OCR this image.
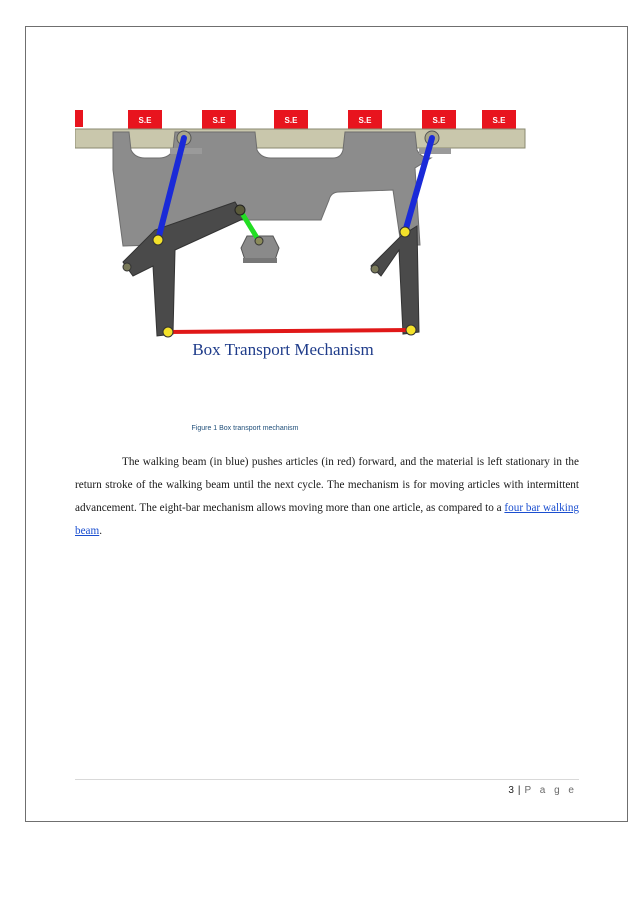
S.E	S.E	S.E	S.E	S.E	S.E
Box Transport Mechanism
Figure 1 Box transport mechanism

The walking beam (in blue) pushes articles (in red) forward, and the material is left stationary in the return stroke of the walking beam until the next cycle. The mechanism is for moving articles with intermittent advancement. The eight-bar mechanism allows moving more than one article, as compared to a four bar walking beam.

3 | P a g e
